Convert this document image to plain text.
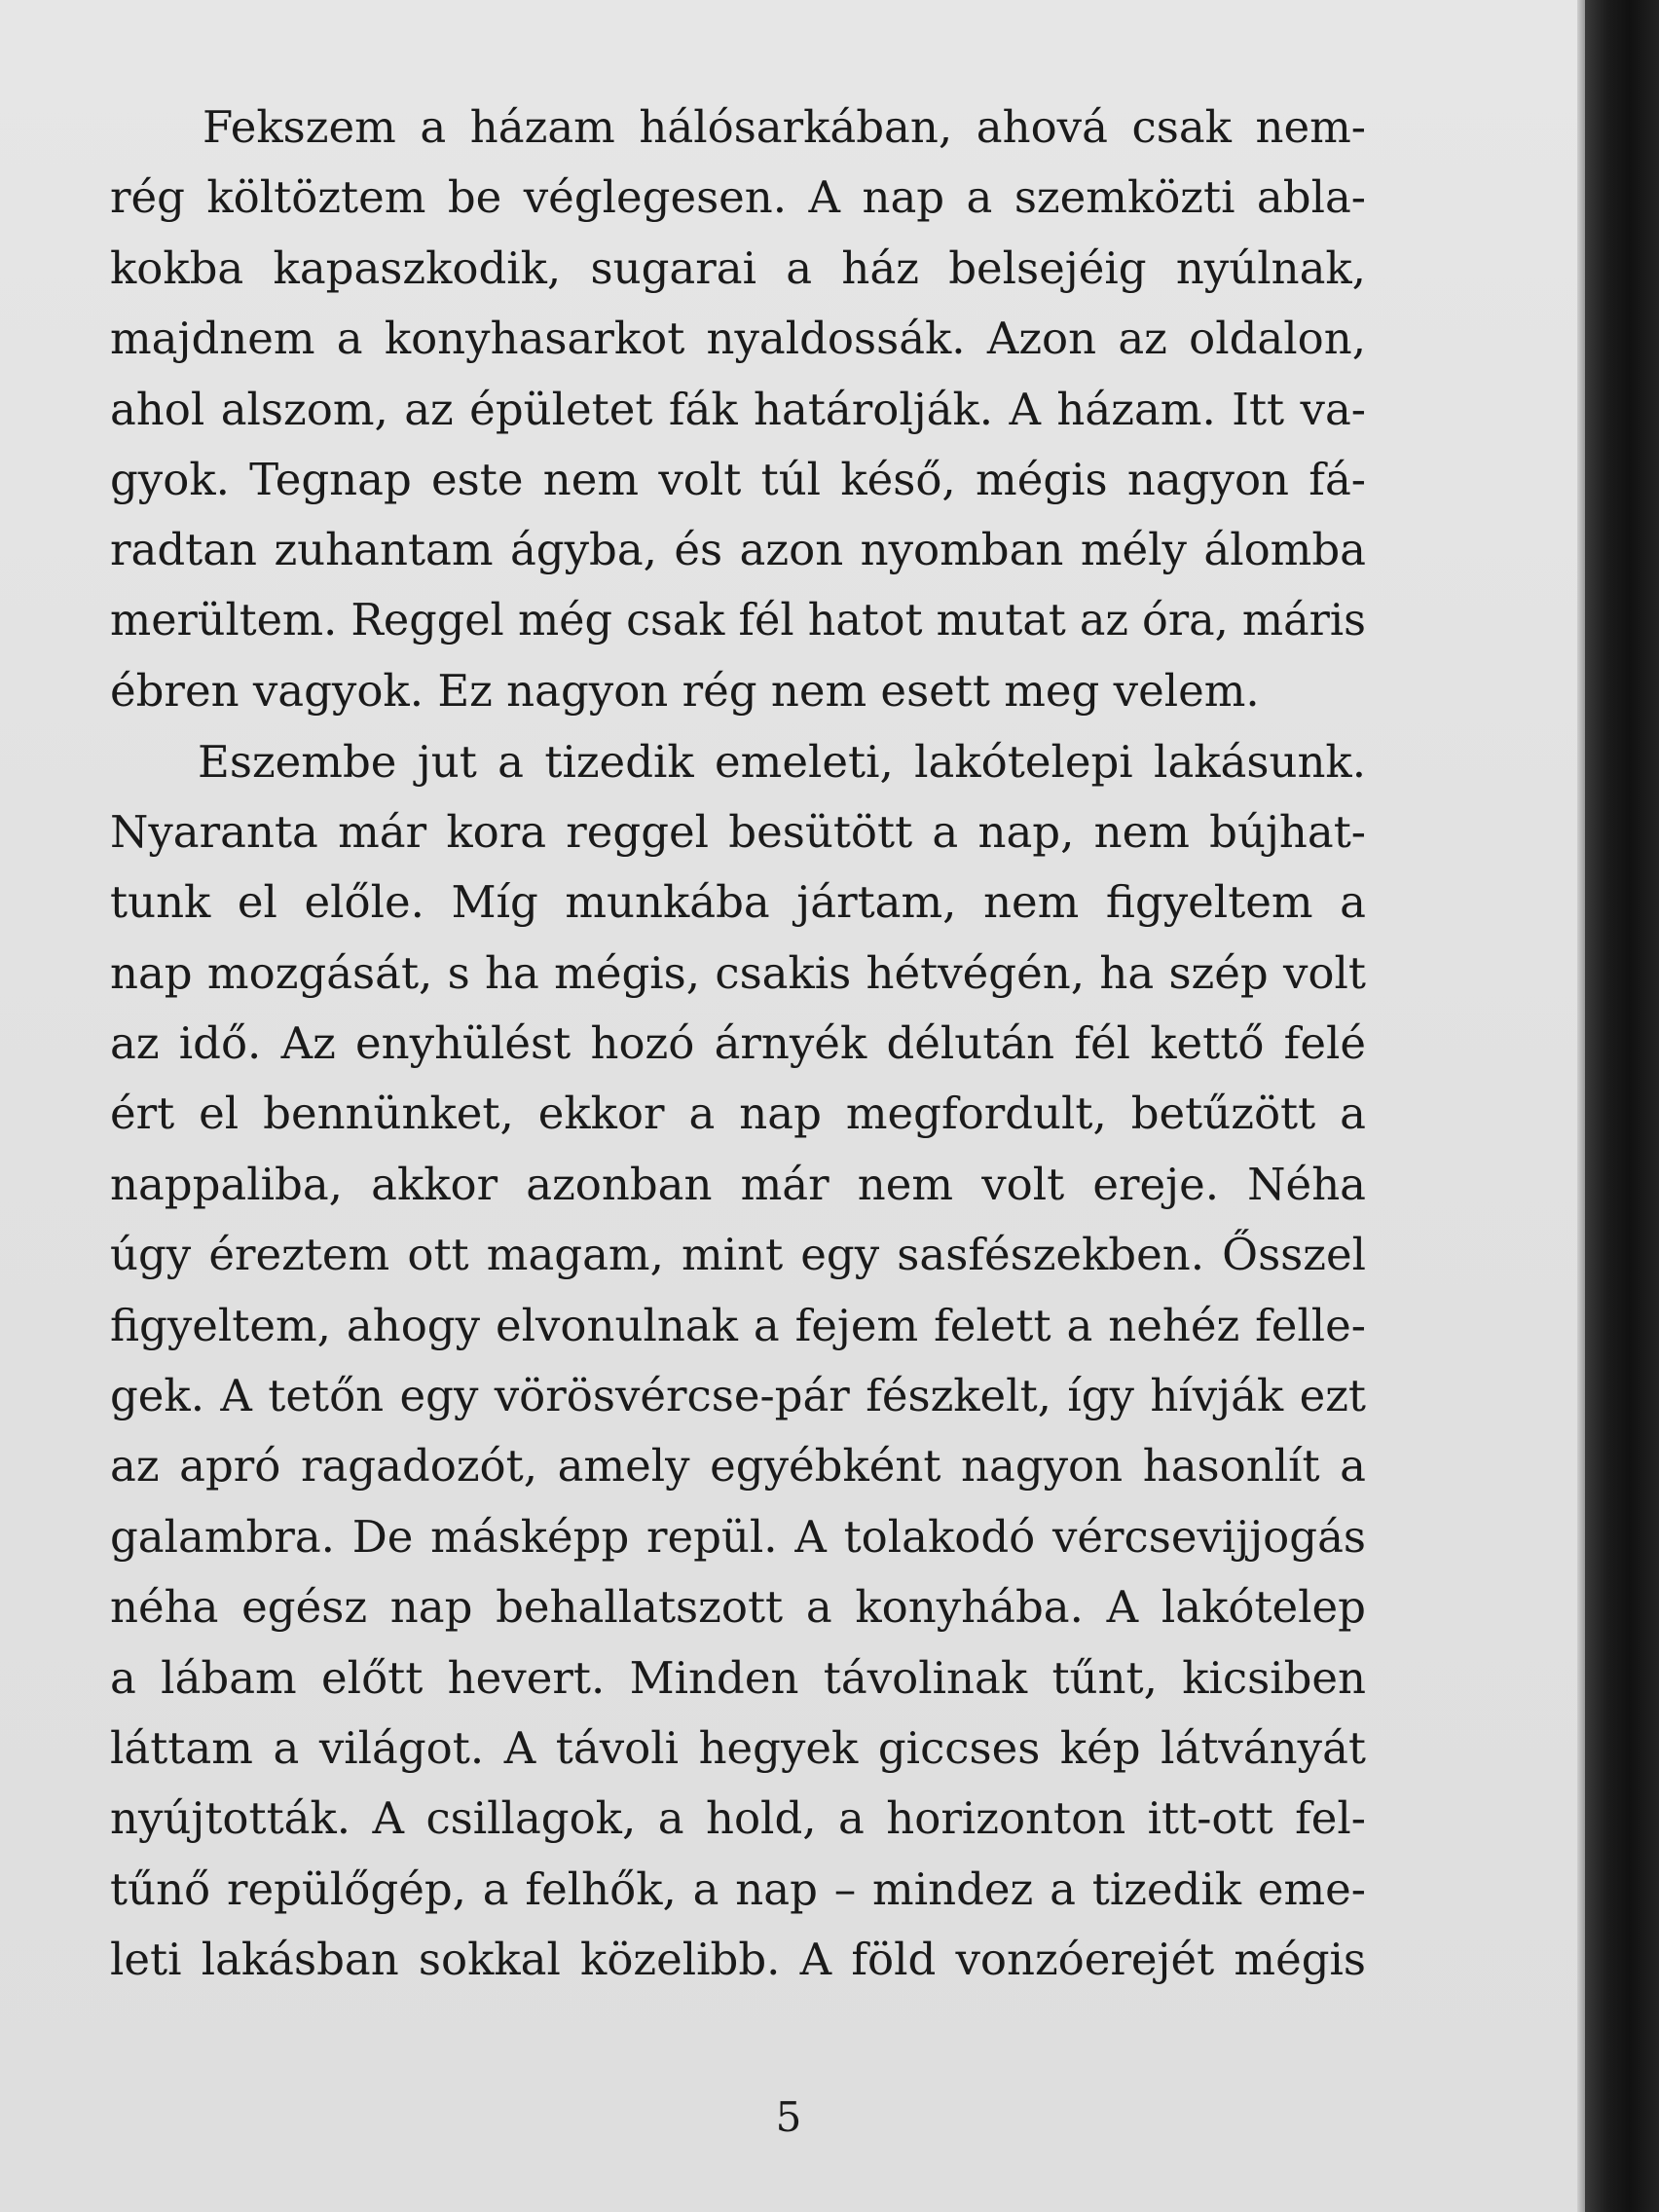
Fekszem a házam hálósarkában, ahová csak nem-
rég költöztem be véglegesen. A nap a szemközti abla-
kokba kapaszkodik, sugarai a ház belsejéig nyúlnak,
majdnem a konyhasarkot nyaldossák. Azon az oldalon,
ahol alszom, az épületet fák határolják. A házam. Itt va-
gyok. Tegnap este nem volt túl késő, mégis nagyon fá-
radtan zuhantam ágyba, és azon nyomban mély álomba
merültem. Reggel még csak fél hatot mutat az óra, máris
ébren vagyok. Ez nagyon rég nem esett meg velem.
Eszembe jut a tizedik emeleti, lakótelepi lakásunk.
Nyaranta már kora reggel besütött a nap, nem bújhat-
tunk el előle. Míg munkába jártam, nem figyeltem a
nap mozgását, s ha mégis, csakis hétvégén, ha szép volt
az idő. Az enyhülést hozó árnyék délután fél kettő felé
ért el bennünket, ekkor a nap megfordult, betűzött a
nappaliba, akkor azonban már nem volt ereje. Néha
úgy éreztem ott magam, mint egy sasfészekben. Ősszel
figyeltem, ahogy elvonulnak a fejem felett a nehéz felle-
gek. A tetőn egy vörösvércse-pár fészkelt, így hívják ezt
az apró ragadozót, amely egyébként nagyon hasonlít a
galambra. De másképp repül. A tolakodó vércsevijjogás
néha egész nap behallatszott a konyhába. A lakótelep
a lábam előtt hevert. Minden távolinak tűnt, kicsiben
láttam a világot. A távoli hegyek giccses kép látványát
nyújtották. A csillagok, a hold, a horizonton itt-ott fel-
tűnő repülőgép, a felhők, a nap – mindez a tizedik eme-
leti lakásban sokkal közelibb. A föld vonzóerejét mégis
5
